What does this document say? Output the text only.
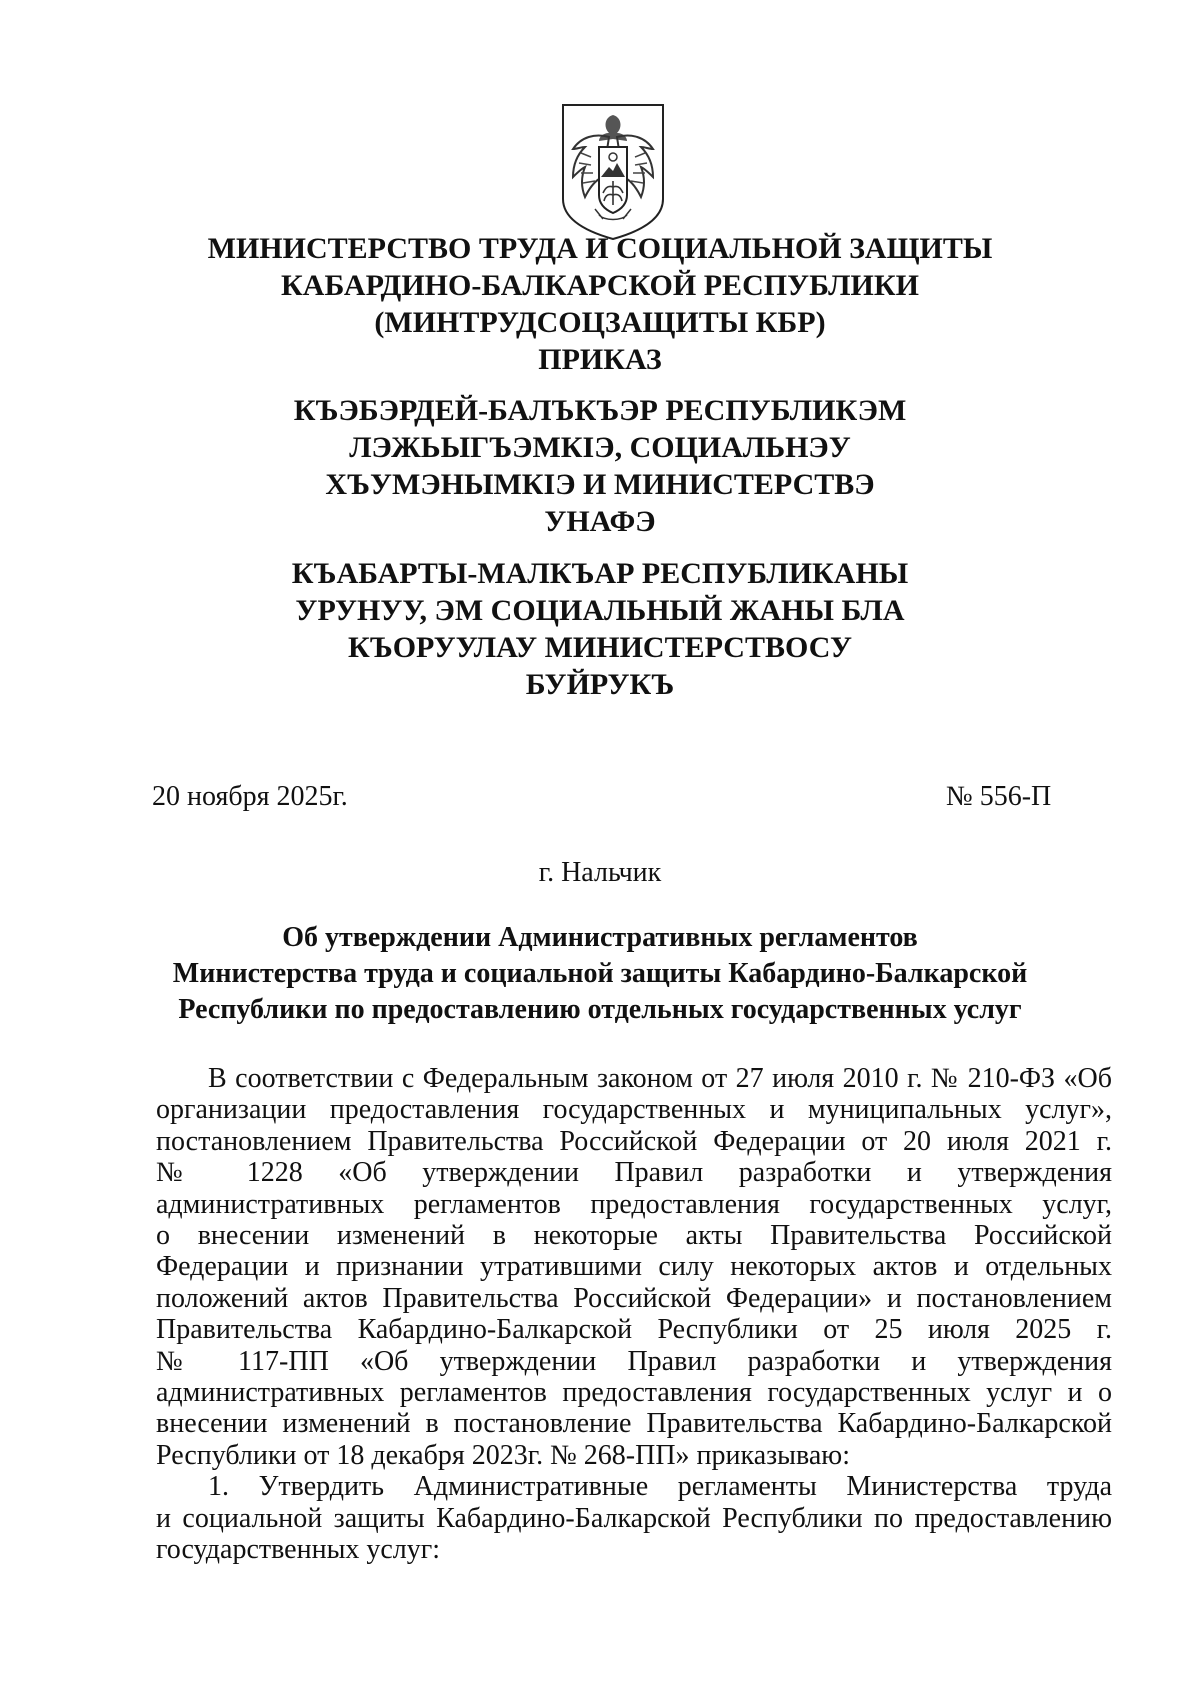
МИНИСТЕРСТВО ТРУДА И СОЦИАЛЬНОЙ ЗАЩИТЫ
КАБАРДИНО-БАЛКАРСКОЙ РЕСПУБЛИКИ
(МИНТРУДСОЦЗАЩИТЫ КБР)
ПРИКАЗ
КЪЭБЭРДЕЙ-БАЛЪКЪЭР РЕСПУБЛИКЭМ
ЛЭЖЬЫГЪЭМКIЭ, СОЦИАЛЬНЭУ
ХЪУМЭНЫМКIЭ И МИНИСТЕРСТВЭ
УНАФЭ
КЪАБАРТЫ-МАЛКЪАР РЕСПУБЛИКАНЫ
УРУНУУ, ЭМ СОЦИАЛЬНЫЙ ЖАНЫ БЛА
КЪОРУУЛАУ МИНИСТЕРСТВОСУ
БУЙРУКЪ
20 ноября 2025г.	№ 556-П
г. Нальчик
Об утверждении Административных регламентов
Министерства труда и социальной защиты Кабардино-Балкарской
Республики по предоставлению отдельных государственных услуг
В соответствии с Федеральным законом от 27 июля 2010 г. № 210-ФЗ «Об
организации предоставления государственных и муниципальных услуг»,
постановлением Правительства Российской Федерации от 20 июля 2021 г.
№ 1228 «Об утверждении Правил разработки и утверждения
административных регламентов предоставления государственных услуг,
о внесении изменений в некоторые акты Правительства Российской
Федерации и признании утратившими силу некоторых актов и отдельных
положений актов Правительства Российской Федерации» и постановлением
Правительства Кабардино-Балкарской Республики от 25 июля 2025 г.
№ 117-ПП «Об утверждении Правил разработки и утверждения
административных регламентов предоставления государственных услуг и о
внесении изменений в постановление Правительства Кабардино-Балкарской
Республики от 18 декабря 2023г. № 268-ПП» приказываю:
1. Утвердить Административные регламенты Министерства труда
и социальной защиты Кабардино-Балкарской Республики по предоставлению
государственных услуг:
